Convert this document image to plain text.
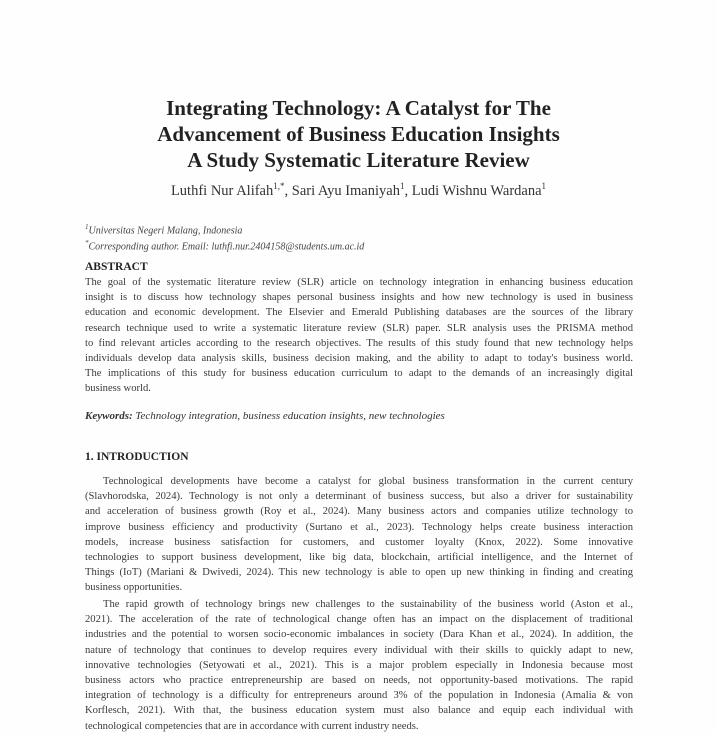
Integrating Technology: A Catalyst for The
Advancement of Business Education Insights
A Study Systematic Literature Review
Luthfi Nur Alifah$^{1,*}$, Sari Ayu Imaniyah$^1$, Ludi Wishnu Wardana$^1$
$^1$Universitas Negeri Malang, Indonesia
*Corresponding author. Email: luthfi.nur.2404158@students.um.ac.id
ABSTRACT
The goal of the systematic literature review (SLR) article on technology integration in enhancing business education
insight is to discuss how technology shapes personal business insights and how new technology is used in business
education and economic development. The Elsevier and Emerald Publishing databases are the sources of the library
research technique used to write a systematic literature review (SLR) paper. SLR analysis uses the PRISMA method
to find relevant articles according to the research objectives. The results of this study found that new technology helps
individuals develop data analysis skills, business decision making, and the ability to adapt to today's business world.
The implications of this study for business education curriculum to adapt to the demands of an increasingly digital
business world.
Keywords: Technology integration, business education insights, new technologies
1. INTRODUCTION
Technological developments have become a catalyst for global business transformation in the current century
(Slavhorodska, 2024). Technology is not only a determinant of business success, but also a driver for sustainability
and acceleration of business growth (Roy et al., 2024). Many business actors and companies utilize technology to
improve business efficiency and productivity (Surtano et al., 2023). Technology helps create business interaction
models, increase business satisfaction for customers, and customer loyalty (Knox, 2022). Some innovative
technologies to support business development, like big data, blockchain, artificial intelligence, and the Internet of
Things (IoT) (Mariani & Dwivedi, 2024). This new technology is able to open up new thinking in finding and creating
business opportunities.
The rapid growth of technology brings new challenges to the sustainability of the business world (Aston et al.,
2021). The acceleration of the rate of technological change often has an impact on the displacement of traditional
industries and the potential to worsen socio-economic imbalances in society (Dara Khan et al., 2024). In addition, the
nature of technology that continues to develop requires every individual with their skills to quickly adapt to new,
innovative technologies (Setyowati et al., 2021). This is a major problem especially in Indonesia because most
business actors who practice entrepreneurship are based on needs, not opportunity-based motivations. The rapid
integration of technology is a difficulty for entrepreneurs around 3% of the population in Indonesia (Amalia & von
Korflesch, 2021). With that, the business education system must also balance and equip each individual with
technological competencies that are in accordance with current industry needs.
